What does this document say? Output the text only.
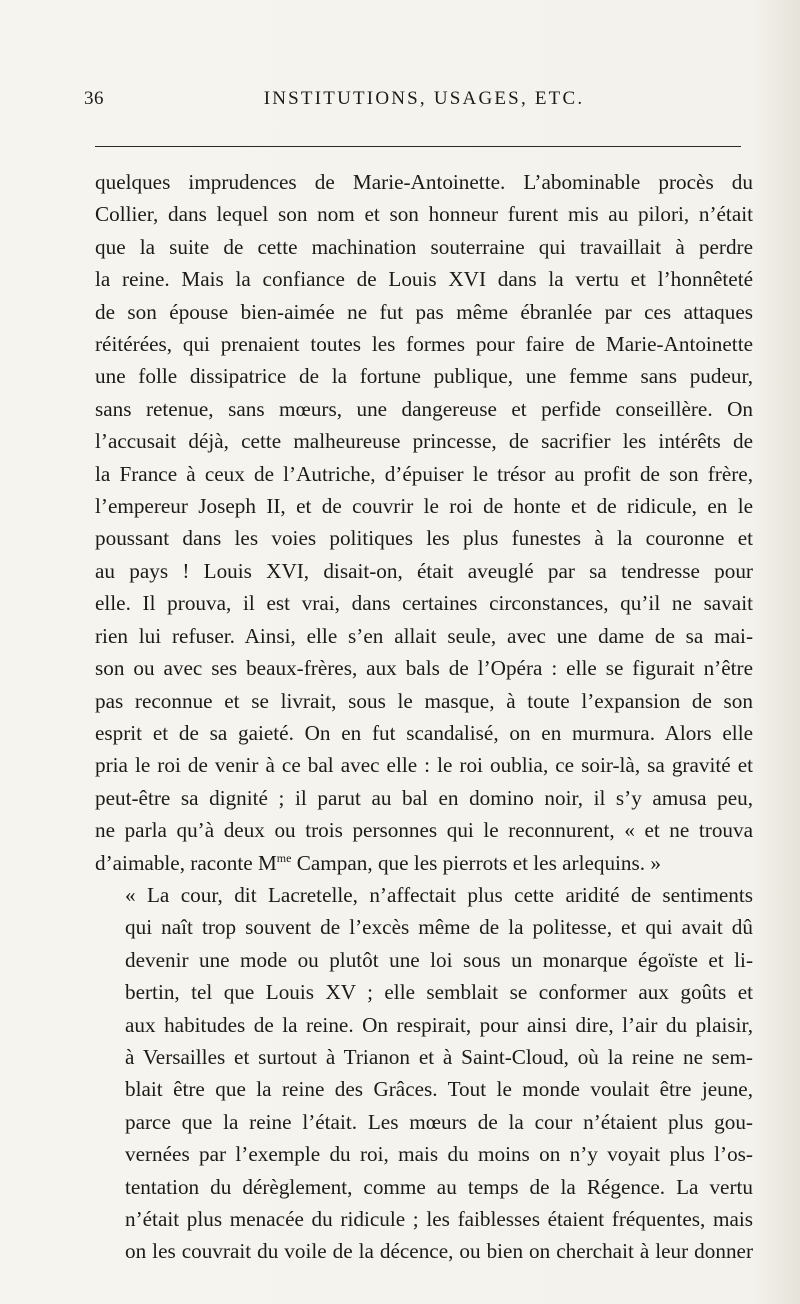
36	INSTITUTIONS, USAGES, ETC.

quelques imprudences de Marie-Antoinette. L’abominable procès du
Collier, dans lequel son nom et son honneur furent mis au pilori, n’était
que la suite de cette machination souterraine qui travaillait à perdre
la reine. Mais la confiance de Louis XVI dans la vertu et l’honnêteté
de son épouse bien-aimée ne fut pas même ébranlée par ces attaques
réitérées, qui prenaient toutes les formes pour faire de Marie-Antoinette
une folle dissipatrice de la fortune publique, une femme sans pudeur,
sans retenue, sans mœurs, une dangereuse et perfide conseillère. On
l’accusait déjà, cette malheureuse princesse, de sacrifier les intérêts de
la France à ceux de l’Autriche, d’épuiser le trésor au profit de son frère,
l’empereur Joseph II, et de couvrir le roi de honte et de ridicule, en le
poussant dans les voies politiques les plus funestes à la couronne et
au pays ! Louis XVI, disait-on, était aveuglé par sa tendresse pour
elle. Il prouva, il est vrai, dans certaines circonstances, qu’il ne savait
rien lui refuser. Ainsi, elle s’en allait seule, avec une dame de sa mai-
son ou avec ses beaux-frères, aux bals de l’Opéra : elle se figurait n’être
pas reconnue et se livrait, sous le masque, à toute l’expansion de son
esprit et de sa gaieté. On en fut scandalisé, on en murmura. Alors elle
pria le roi de venir à ce bal avec elle : le roi oublia, ce soir-là, sa gravité et
peut-être sa dignité ; il parut au bal en domino noir, il s’y amusa peu,
ne parla qu’à deux ou trois personnes qui le reconnurent, « et ne trouva
d’aimable, raconte $M^{me}$ Campan, que les pierrots et les arlequins. »

« La cour, dit Lacretelle, n’affectait plus cette aridité de sentiments
qui naît trop souvent de l’excès même de la politesse, et qui avait dû
devenir une mode ou plutôt une loi sous un monarque égoïste et li-
bertin, tel que Louis XV ; elle semblait se conformer aux goûts et
aux habitudes de la reine. On respirait, pour ainsi dire, l’air du plaisir,
à Versailles et surtout à Trianon et à Saint-Cloud, où la reine ne sem-
blait être que la reine des Grâces. Tout le monde voulait être jeune,
parce que la reine l’était. Les mœurs de la cour n’étaient plus gou-
vernées par l’exemple du roi, mais du moins on n’y voyait plus l’os-
tentation du dérèglement, comme au temps de la Régence. La vertu
n’était plus menacée du ridicule ; les faiblesses étaient fréquentes, mais
on les couvrait du voile de la décence, ou bien on cherchait à leur donner
